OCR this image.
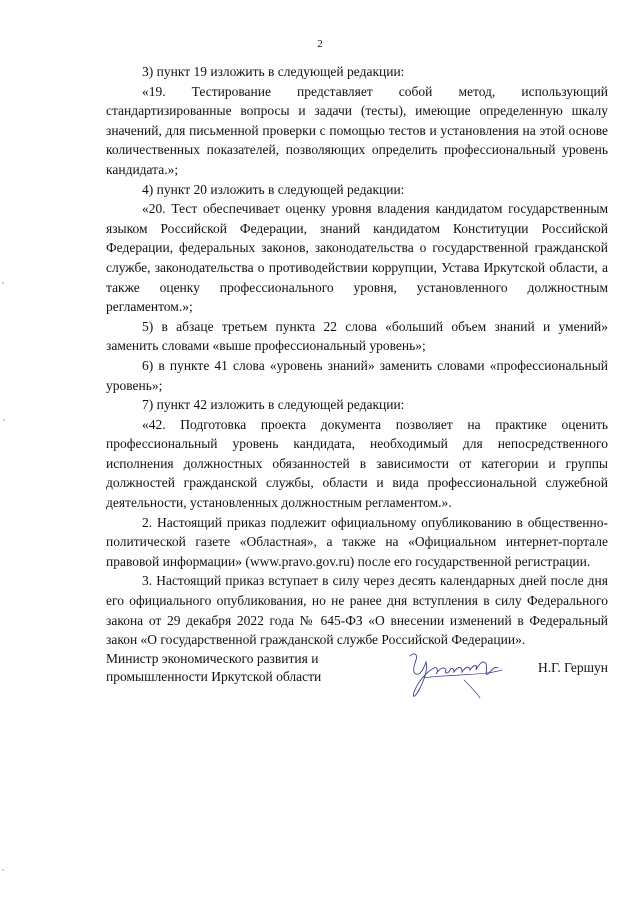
2

3) пункт 19 изложить в следующей редакции:

«19. Тестирование представляет собой метод, использующий стандартизированные вопросы и задачи (тесты), имеющие определенную шкалу значений, для письменной проверки с помощью тестов и установления на этой основе количественных показателей, позволяющих определить профессиональный уровень кандидата.»;

4) пункт 20 изложить в следующей редакции:

«20. Тест обеспечивает оценку уровня владения кандидатом государственным языком Российской Федерации, знаний кандидатом Конституции Российской Федерации, федеральных законов, законодательства о государственной гражданской службе, законодательства о противодействии коррупции, Устава Иркутской области, а также оценку профессионального уровня, установленного должностным регламентом.»;

5) в абзаце третьем пункта 22 слова «больший объем знаний и умений» заменить словами «выше профессиональный уровень»;

6) в пункте 41 слова «уровень знаний» заменить словами «профессиональный уровень»;

7) пункт 42 изложить в следующей редакции:

«42. Подготовка проекта документа позволяет на практике оценить профессиональный уровень кандидата, необходимый для непосредственного исполнения должностных обязанностей в зависимости от категории и группы должностей гражданской службы, области и вида профессиональной служебной деятельности, установленных должностным регламентом.».

2. Настоящий приказ подлежит официальному опубликованию в общественно-политической газете «Областная», а также на «Официальном интернет-портале правовой информации» (www.pravo.gov.ru) после его государственной регистрации.

3. Настоящий приказ вступает в силу через десять календарных дней после дня его официального опубликования, но не ранее дня вступления в силу Федерального закона от 29 декабря 2022 года № 645-ФЗ «О внесении изменений в Федеральный закон «О государственной гражданской службе Российской Федерации».

Министр экономического развития и
промышленности Иркутской области
Н.Г. Гершун
